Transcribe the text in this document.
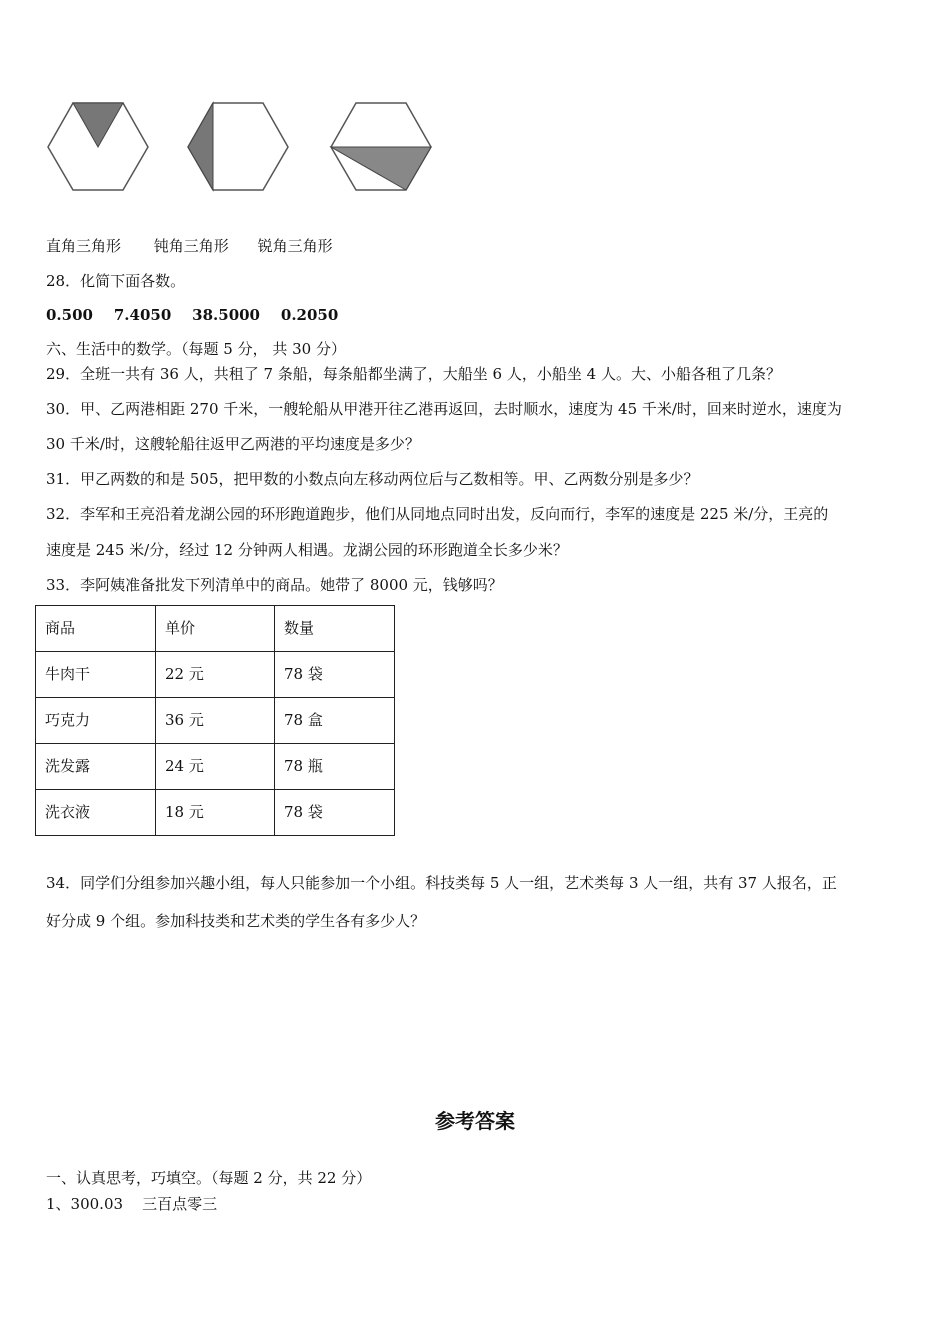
直角三角形 钝角三角形 锐角三角形
28．化简下面各数。
0.500    7.4050    38.5000    0.2050
六、生活中的数学。（每题 5 分， 共 30 分）
29．全班一共有 36 人，共租了 7 条船，每条船都坐满了，大船坐 6 人，小船坐 4 人。大、小船各租了几条？
30．甲、乙两港相距 270 千米，一艘轮船从甲港开往乙港再返回，去时顺水，速度为 45 千米/时，回来时逆水，速度为
30 千米/时，这艘轮船往返甲乙两港的平均速度是多少？
31．甲乙两数的和是 505，把甲数的小数点向左移动两位后与乙数相等。甲、乙两数分别是多少？
32．李军和王亮沿着龙湖公园的环形跑道跑步，他们从同地点同时出发，反向而行，李军的速度是 225 米/分，王亮的
速度是 245 米/分，经过 12 分钟两人相遇。龙湖公园的环形跑道全长多少米？
33．李阿姨准备批发下列清单中的商品。她带了 8000 元，钱够吗？
商品	单价	数量
牛肉干	22 元	78 袋
巧克力	36 元	78 盒
洗发露	24 元	78 瓶
洗衣液	18 元	78 袋
34．同学们分组参加兴趣小组，每人只能参加一个小组。科技类每 5 人一组，艺术类每 3 人一组，共有 37 人报名，正
好分成 9 个组。参加科技类和艺术类的学生各有多少人？
参考答案
一、认真思考，巧填空。（每题 2 分，共 22 分）
1、300.03    三百点零三
